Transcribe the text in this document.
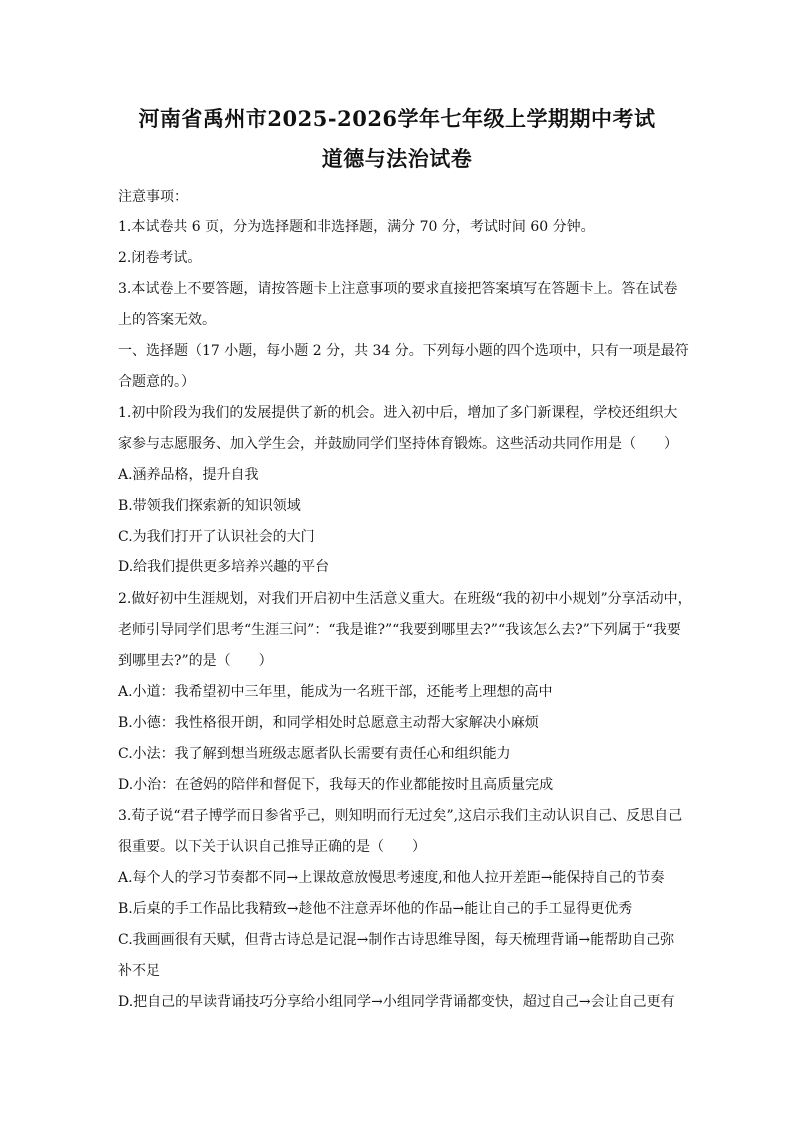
河南省禹州市2025-2026学年七年级上学期期中考试
道德与法治试卷
注意事项：
1.本试卷共 6 页，分为选择题和非选择题，满分 70 分，考试时间 60 分钟。
2.闭卷考试。
3.本试卷上不要答题，请按答题卡上注意事项的要求直接把答案填写在答题卡上。答在试卷
上的答案无效。
一、选择题（17 小题，每小题 2 分，共 34 分。下列每小题的四个选项中，只有一项是最符
合题意的。）
1.初中阶段为我们的发展提供了新的机会。进入初中后，增加了多门新课程，学校还组织大
家参与志愿服务、加入学生会，并鼓励同学们坚持体育锻炼。这些活动共同作用是（　　）
A.涵养品格，提升自我
B.带领我们探索新的知识领域
C.为我们打开了认识社会的大门
D.给我们提供更多培养兴趣的平台
2.做好初中生涯规划，对我们开启初中生活意义重大。在班级“我的初中小规划”分享活动中，
老师引导同学们思考“生涯三问”：“我是谁?”“我要到哪里去?”“我该怎么去?”下列属于“我要
到哪里去?”的是（　　）
A.小道：我希望初中三年里，能成为一名班干部，还能考上理想的高中
B.小德：我性格很开朗，和同学相处时总愿意主动帮大家解决小麻烦
C.小法：我了解到想当班级志愿者队长需要有责任心和组织能力
D.小治：在爸妈的陪伴和督促下，我每天的作业都能按时且高质量完成
3.荀子说“君子博学而日参省乎己，则知明而行无过矣”,这启示我们主动认识自己、反思自己
很重要。以下关于认识自己推导正确的是（　　）
A.每个人的学习节奏都不同→上课故意放慢思考速度,和他人拉开差距→能保持自己的节奏
B.后桌的手工作品比我精致→趁他不注意弄坏他的作品→能让自己的手工显得更优秀
C.我画画很有天赋，但背古诗总是记混→制作古诗思维导图，每天梳理背诵→能帮助自己弥
补不足
D.把自己的早读背诵技巧分享给小组同学→小组同学背诵都变快，超过自己→会让自己更有
